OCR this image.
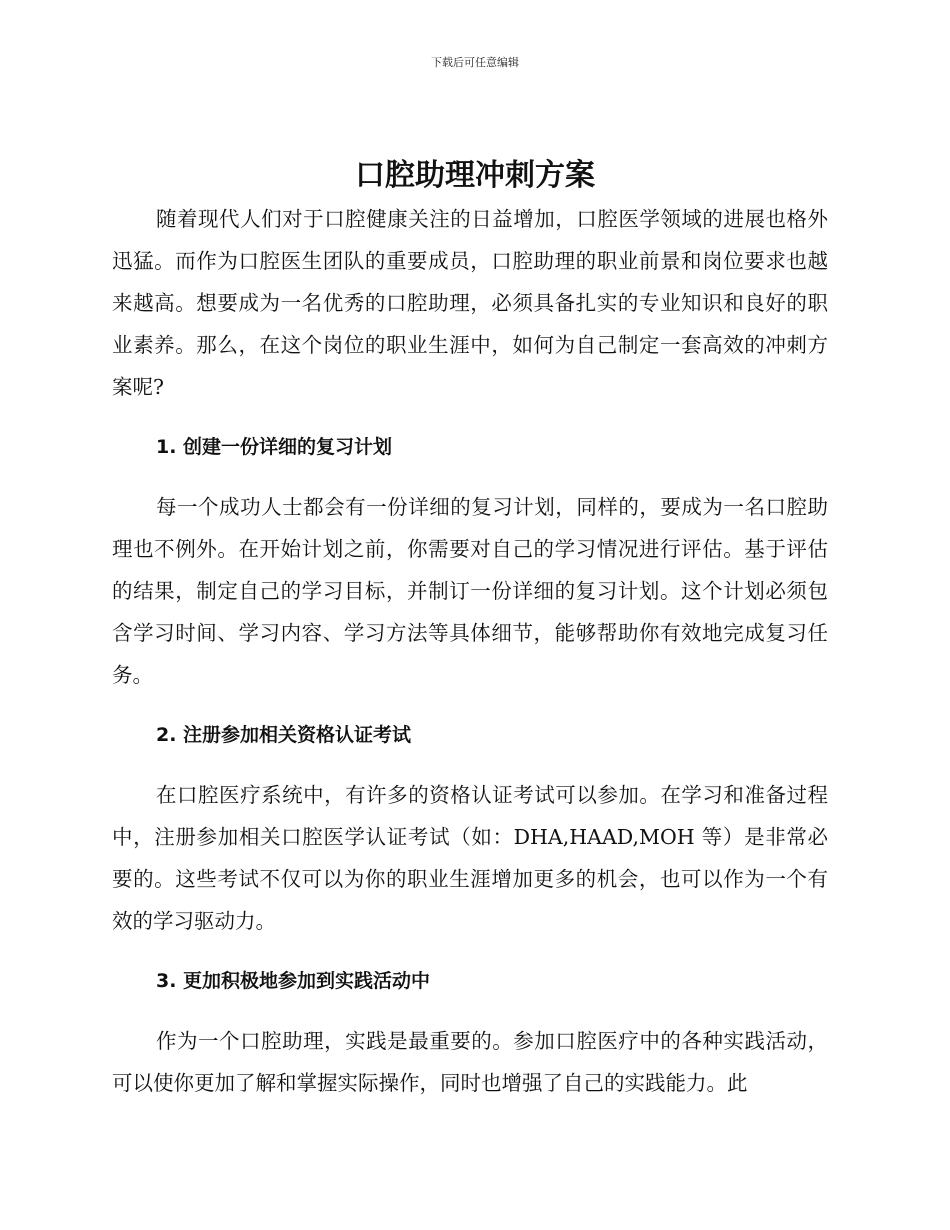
下载后可任意编辑
口腔助理冲刺方案

随着现代人们对于口腔健康关注的日益增加，口腔医学领域的进展也格外迅猛。而作为口腔医生团队的重要成员，口腔助理的职业前景和岗位要求也越来越高。想要成为一名优秀的口腔助理，必须具备扎实的专业知识和良好的职业素养。那么，在这个岗位的职业生涯中，如何为自己制定一套高效的冲刺方案呢?

1. 创建一份详细的复习计划

每一个成功人士都会有一份详细的复习计划，同样的，要成为一名口腔助理也不例外。在开始计划之前，你需要对自己的学习情况进行评估。基于评估的结果，制定自己的学习目标，并制订一份详细的复习计划。这个计划必须包含学习时间、学习内容、学习方法等具体细节，能够帮助你有效地完成复习任务。

2. 注册参加相关资格认证考试

在口腔医疗系统中，有许多的资格认证考试可以参加。在学习和准备过程中，注册参加相关口腔医学认证考试（如：DHA,HAAD,MOH 等）是非常必要的。这些考试不仅可以为你的职业生涯增加更多的机会，也可以作为一个有效的学习驱动力。

3. 更加积极地参加到实践活动中

作为一个口腔助理，实践是最重要的。参加口腔医疗中的各种实践活动，可以使你更加了解和掌握实际操作，同时也增强了自己的实践能力。此
